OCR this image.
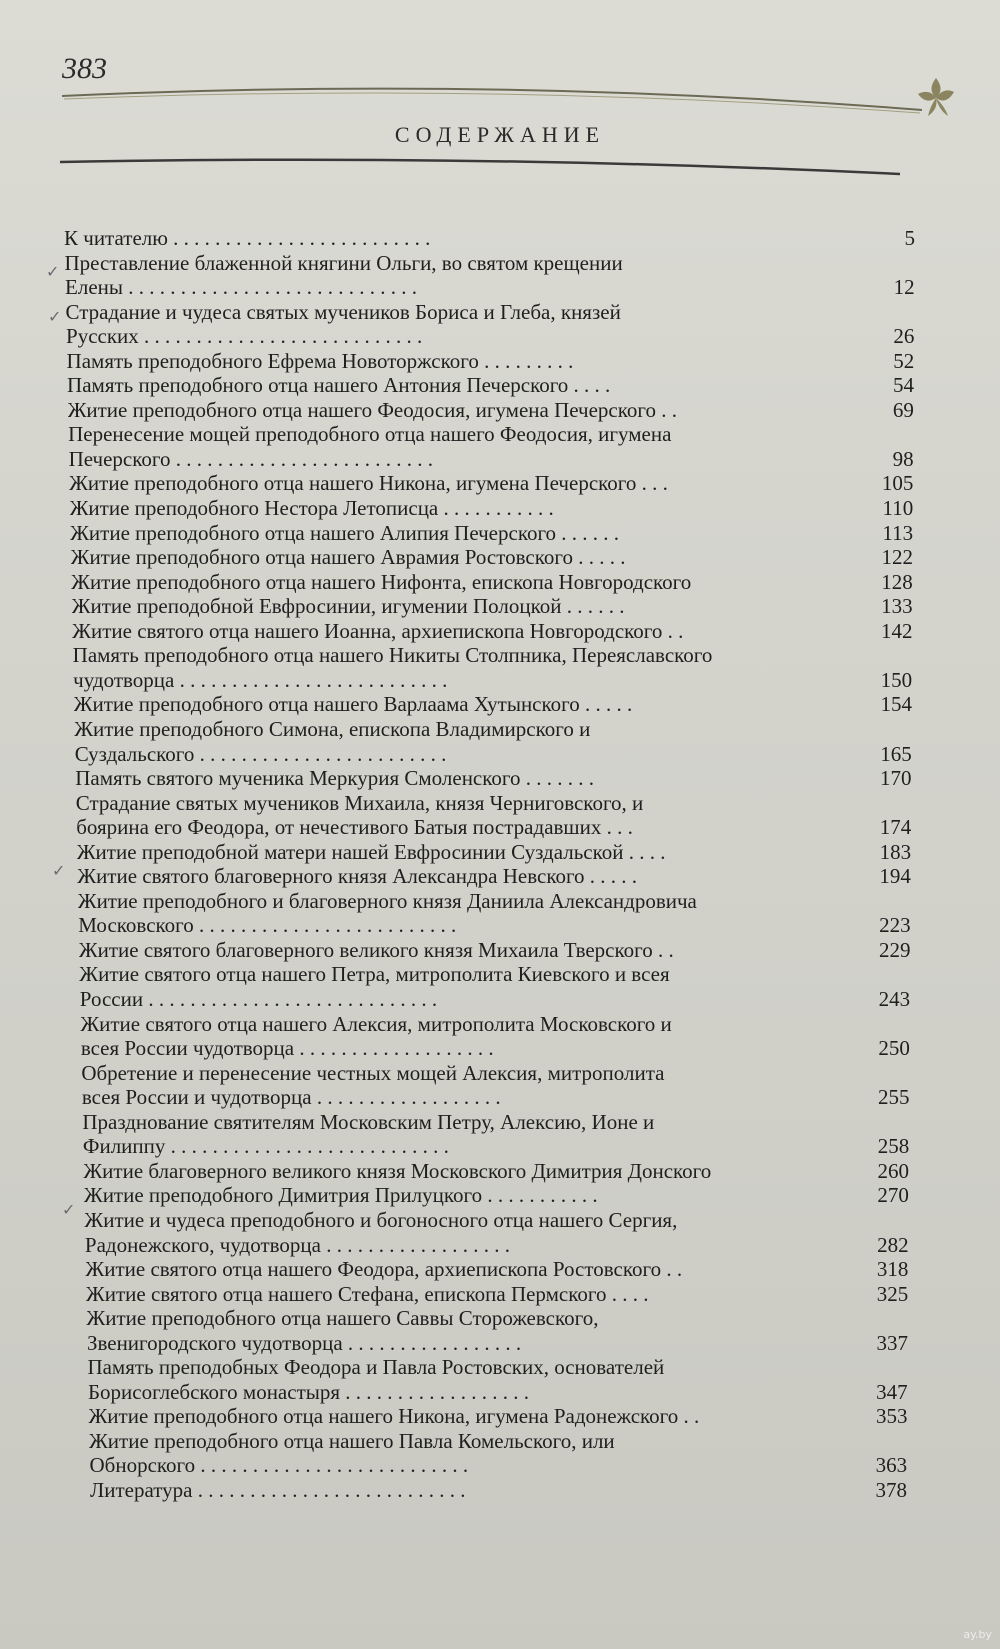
383
СОДЕРЖАНИЕ
К читателю . . . . . . . . . . . . . . . . . . . . . . . . .	5
Преставление блаженной княгини Ольги, во святом крещении
Елены . . . . . . . . . . . . . . . . . . . . . . . . . . . .	12
Страдание и чудеса святых мучеников Бориса и Глеба, князей
Русских . . . . . . . . . . . . . . . . . . . . . . . . . . .	26
Память преподобного Ефрема Новоторжского . . . . . . . . .	52
Память преподобного отца нашего Антония Печерского . . . .	54
Житие преподобного отца нашего Феодосия, игумена Печерского . .	69
Перенесение мощей преподобного отца нашего Феодосия, игумена
Печерского . . . . . . . . . . . . . . . . . . . . . . . . .	98
Житие преподобного отца нашего Никона, игумена Печерского . . .	105
Житие преподобного Нестора Летописца . . . . . . . . . . .	110
Житие преподобного отца нашего Алипия Печерского . . . . . .	113
Житие преподобного отца нашего Аврамия Ростовского . . . . .	122
Житие преподобного отца нашего Нифонта, епископа Новгородского	128
Житие преподобной Евфросинии, игумении Полоцкой . . . . . .	133
Житие святого отца нашего Иоанна, архиепископа Новгородского . .	142
Память преподобного отца нашего Никиты Столпника, Переяславского
чудотворца . . . . . . . . . . . . . . . . . . . . . . . . . .	150
Житие преподобного отца нашего Варлаама Хутынского . . . . .	154
Житие преподобного Симона, епископа Владимирского и
Суздальского . . . . . . . . . . . . . . . . . . . . . . . .	165
Память святого мученика Меркурия Смоленского . . . . . . .	170
Страдание святых мучеников Михаила, князя Черниговского, и
боярина его Феодора, от нечестивого Батыя пострадавших . . .	174
Житие преподобной матери нашей Евфросинии Суздальской . . . .	183
Житие святого благоверного князя Александра Невского . . . . .	194
Житие преподобного и благоверного князя Даниила Александровича
Московского . . . . . . . . . . . . . . . . . . . . . . . . .	223
Житие святого благоверного великого князя Михаила Тверского . .	229
Житие святого отца нашего Петра, митрополита Киевского и всея
России . . . . . . . . . . . . . . . . . . . . . . . . . . . .	243
Житие святого отца нашего Алексия, митрополита Московского и
всея России чудотворца . . . . . . . . . . . . . . . . . . .	250
Обретение и перенесение честных мощей Алексия, митрополита
всея России и чудотворца . . . . . . . . . . . . . . . . . .	255
Празднование святителям Московским Петру, Алексию, Ионе и
Филиппу . . . . . . . . . . . . . . . . . . . . . . . . . . .	258
Житие благоверного великого князя Московского Димитрия Донского	260
Житие преподобного Димитрия Прилуцкого . . . . . . . . . . .	270
Житие и чудеса преподобного и богоносного отца нашего Сергия,
Радонежского, чудотворца . . . . . . . . . . . . . . . . . .	282
Житие святого отца нашего Феодора, архиепископа Ростовского . .	318
Житие святого отца нашего Стефана, епископа Пермского . . . .	325
Житие преподобного отца нашего Саввы Сторожевского,
Звенигородского чудотворца . . . . . . . . . . . . . . . . .	337
Память преподобных Феодора и Павла Ростовских, основателей
Борисоглебского монастыря . . . . . . . . . . . . . . . . . .	347
Житие преподобного отца нашего Никона, игумена Радонежского . .	353
Житие преподобного отца нашего Павла Комельского, или
Обнорского . . . . . . . . . . . . . . . . . . . . . . . . . .	363
Литература . . . . . . . . . . . . . . . . . . . . . . . . . .	378
✓
✓
✓
✓
ay.by
